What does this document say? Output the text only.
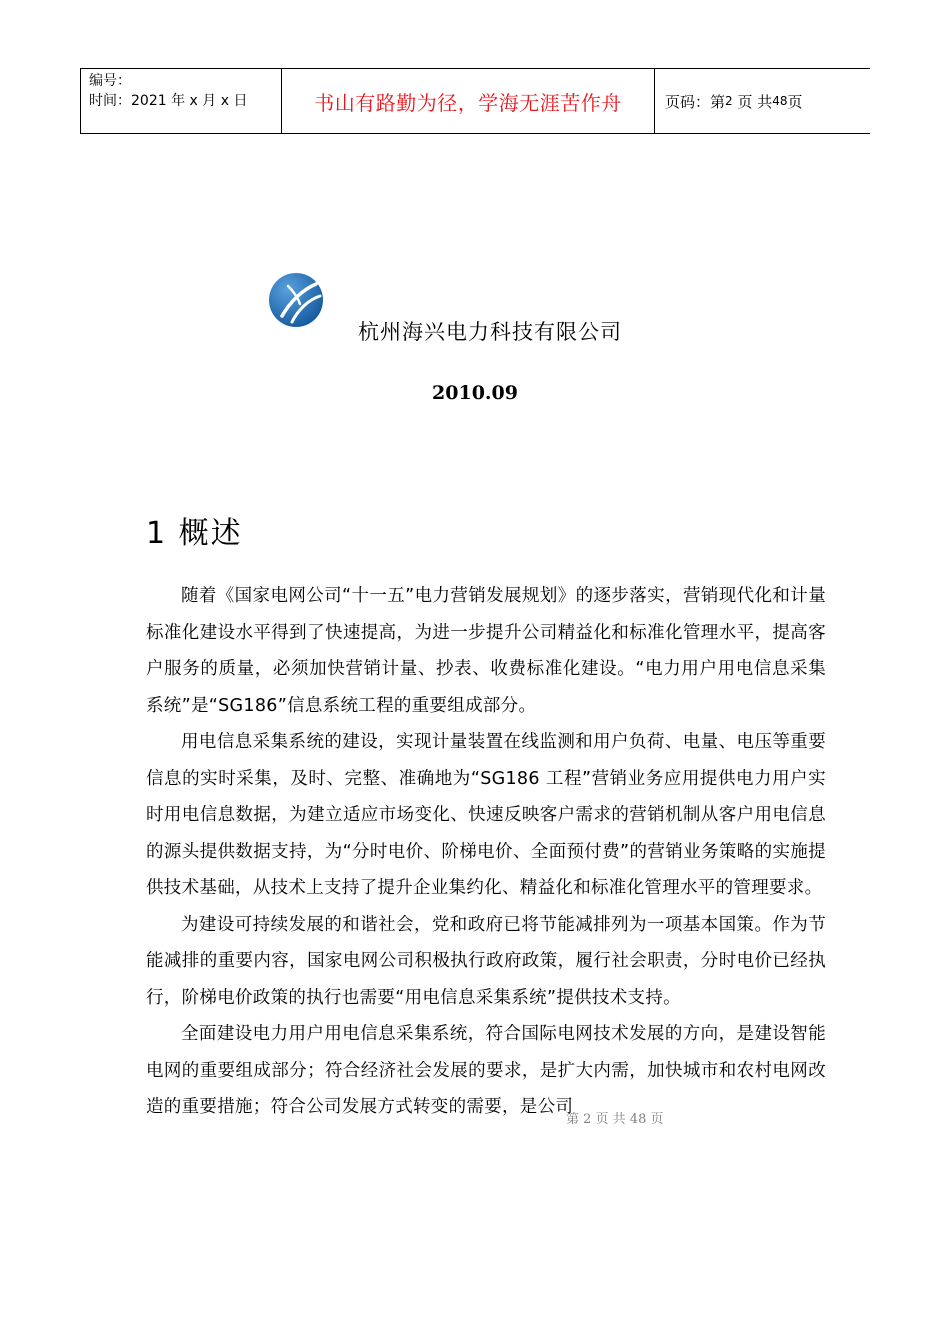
编号：
时间：2021 年 x 月 x 日	书山有路勤为径，学海无涯苦作舟	页码：第 2
页 共 48 页
杭州海兴电力科技有限公司
2010.09
1 概述

随着《国家电网公司“十一五”电力营销发展规划》的逐步落实，营销现代化和计量标准化建设水平得到了快速提高，为进一步提升公司精益化和标准化管理水平，提高客户服务的质量，必须加快营销计量、抄表、收费标准化建设。“电力用户用电信息采集系统”是“SG186”信息系统工程的重要组成部分。

用电信息采集系统的建设，实现计量装置在线监测和用户负荷、电量、电压等重要信息的实时采集，及时、完整、准确地为“SG186 工程”营销业务应用提供电力用户实时用电信息数据，为建立适应市场变化、快速反映客户需求的营销机制从客户用电信息的源头提供数据支持，为“分时电价、阶梯电价、全面预付费”的营销业务策略的实施提供技术基础，从技术上支持了提升企业集约化、精益化和标准化管理水平的管理要求。

为建设可持续发展的和谐社会，党和政府已将节能减排列为一项基本国策。作为节能减排的重要内容，国家电网公司积极执行政府政策，履行社会职责，分时电价已经执行，阶梯电价政策的执行也需要“用电信息采集系统”提供技术支持。

全面建设电力用户用电信息采集系统，符合国际电网技术发展的方向，是建设智能电网的重要组成部分；符合经济社会发展的要求，是扩大内需，加快城市和农村电网改造的重要措施；符合公司发展方式转变的需要，是公司

第 2 页 共 48 页
